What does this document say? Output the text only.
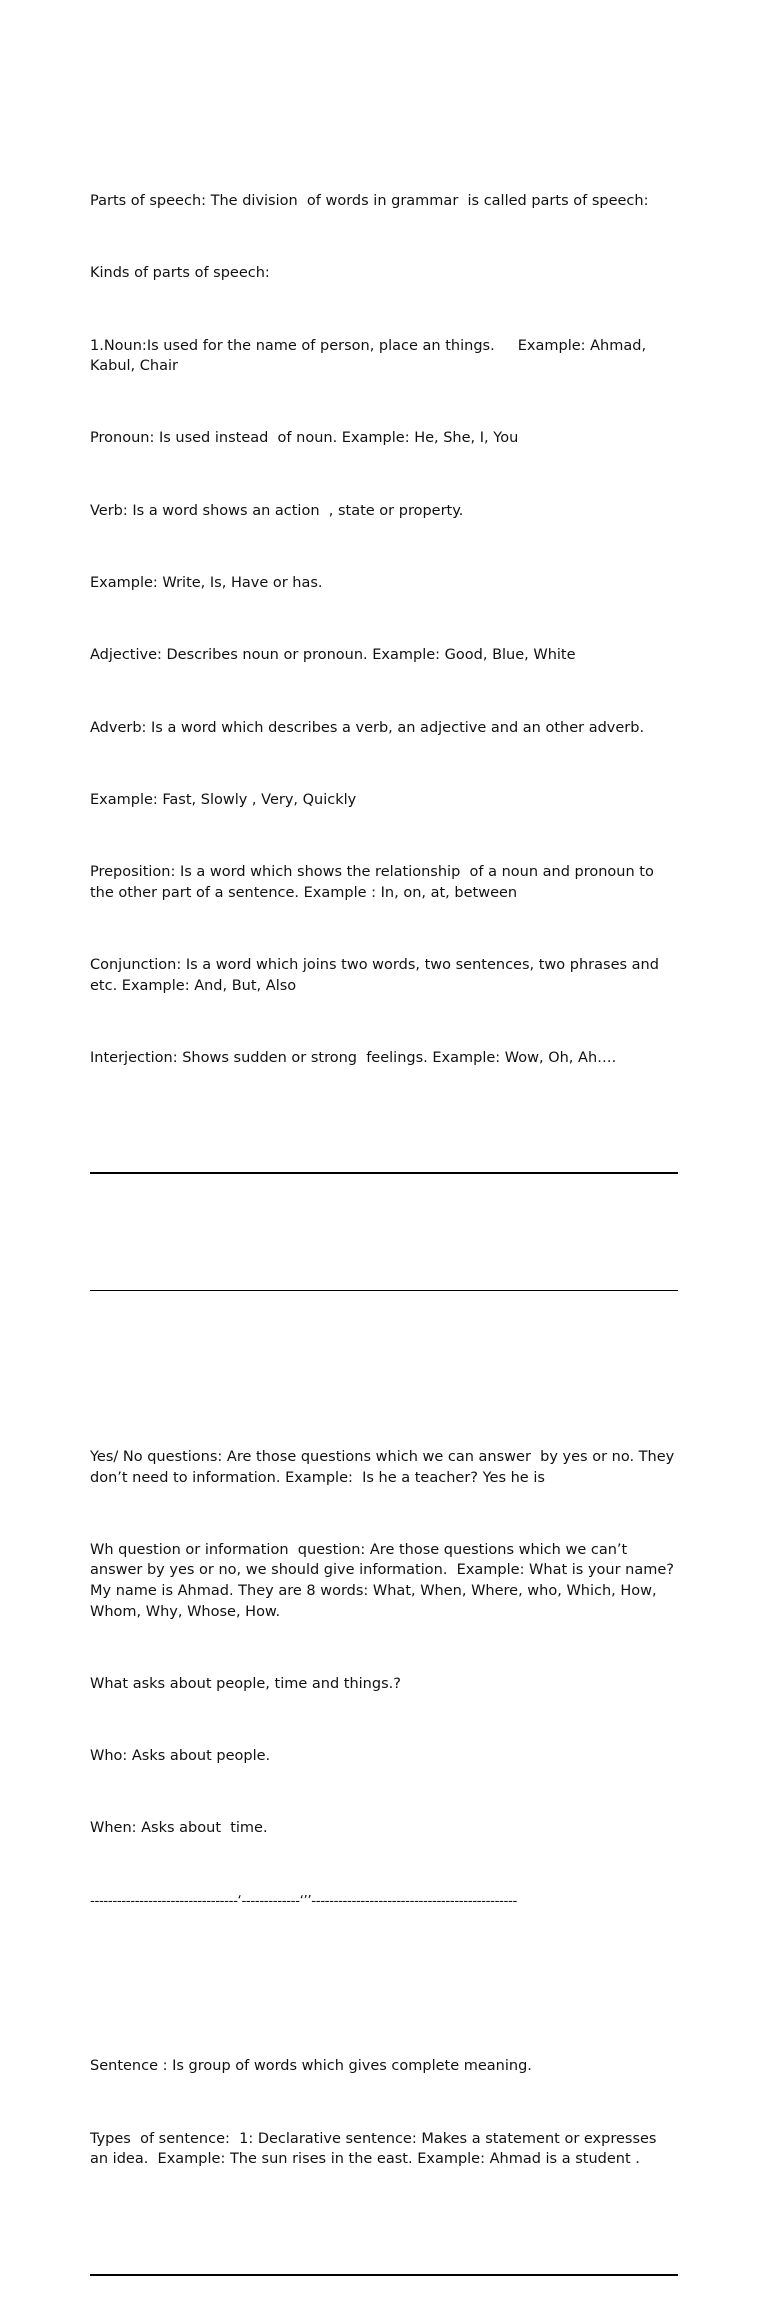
Parts of speech: The division  of words in grammar  is called parts of speech:

Kinds of parts of speech:

1.Noun:Is used for the name of person, place an things.     Example: Ahmad, Kabul, Chair

Pronoun: Is used instead  of noun. Example: He, She, I, You

Verb: Is a word shows an action  , state or property.

Example: Write, Is, Have or has.

Adjective: Describes noun or pronoun. Example: Good, Blue, White

Adverb: Is a word which describes a verb, an adjective and an other adverb.

Example: Fast, Slowly , Very, Quickly

Preposition: Is a word which shows the relationship  of a noun and pronoun to the other part of a sentence. Example : In, on, at, between

Conjunction: Is a word which joins two words, two sentences, two phrases and etc. Example: And, But, Also

Interjection: Shows sudden or strong  feelings. Example: Wow, Oh, Ah….

Yes/ No questions: Are those questions which we can answer  by yes or no. They don’t need to information. Example:  Is he a teacher? Yes he is

Wh question or information  question: Are those questions which we can’t answer by yes or no, we should give information.  Example: What is your name? My name is Ahmad. They are 8 words: What, When, Where, who, Which, How, Whom, Why, Whose, How.

What asks about people, time and things.?

Who: Asks about people.

When: Asks about  time.

---------------------------------‘-------------‘’’----------------------------------------------

Sentence : Is group of words which gives complete meaning.

Types  of sentence:  1: Declarative sentence: Makes a statement or expresses an idea.  Example: The sun rises in the east. Example: Ahmad is a student .
